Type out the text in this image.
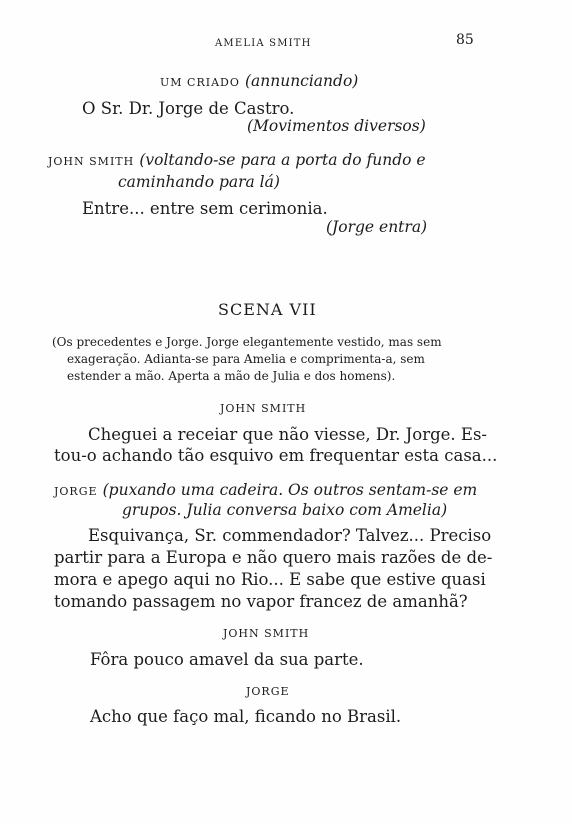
AMELIA SMITH	85
UM CRIADO (annunciando)
O Sr. Dr. Jorge de Castro.
(Movimentos diversos)
JOHN SMITH (voltando-se para a porta do fundo e
caminhando para lá)
Entre... entre sem cerimonia.
(Jorge entra)
SCENA VII
(Os precedentes e Jorge. Jorge elegantemente vestido, mas sem
exageração. Adianta-se para Amelia e comprimenta-a, sem
estender a mão. Aperta a mão de Julia e dos homens).
JOHN SMITH
Cheguei a receiar que não viesse, Dr. Jorge. Es-
tou-o achando tão esquivo em frequentar esta casa...
JORGE (puxando uma cadeira. Os outros sentam-se em
grupos. Julia conversa baixo com Amelia)
Esquivança, Sr. commendador? Talvez... Preciso
partir para a Europa e não quero mais razões de de-
mora e apego aqui no Rio... E sabe que estive quasi
tomando passagem no vapor francez de amanhã?
JOHN SMITH
Fôra pouco amavel da sua parte.
JORGE
Acho que faço mal, ficando no Brasil.
